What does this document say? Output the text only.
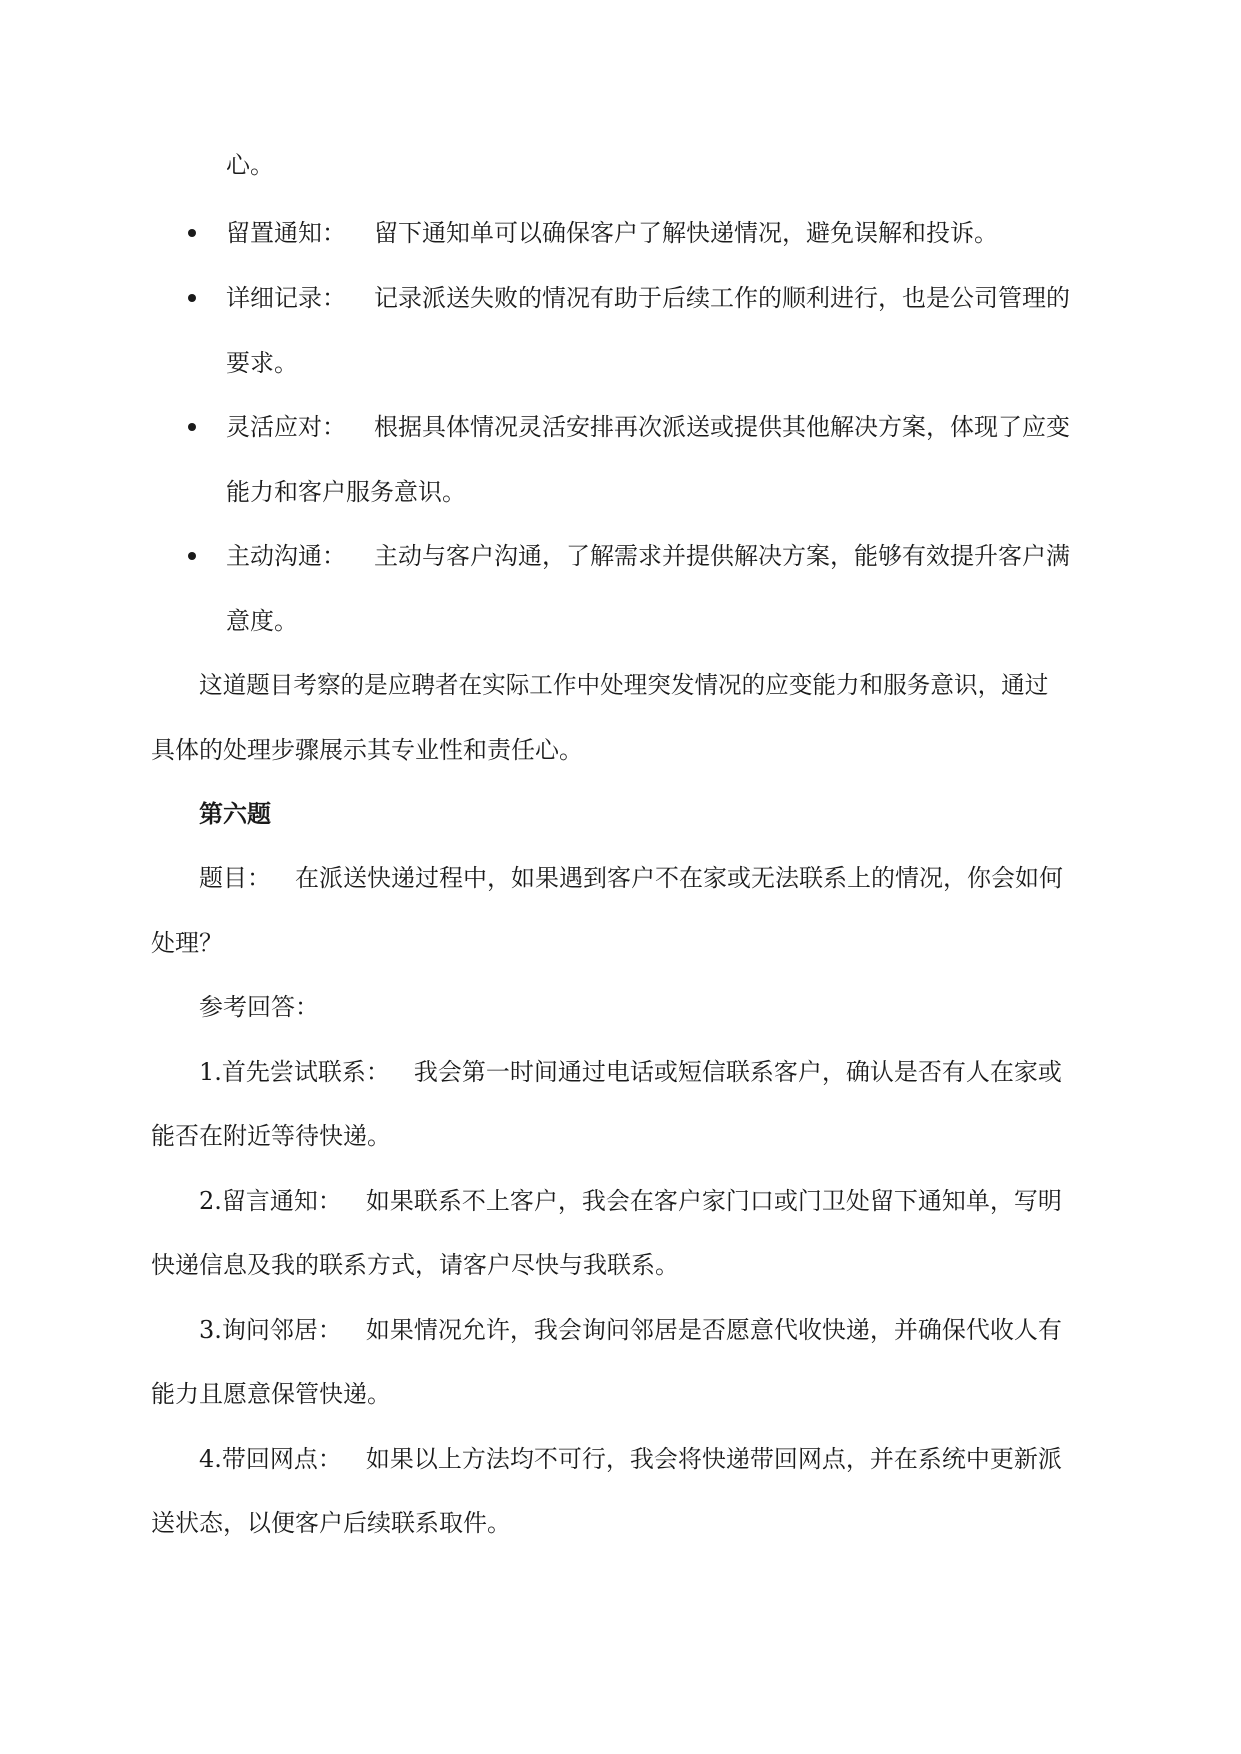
心。
留置通知： 留下通知单可以确保客户了解快递情况，避免误解和投诉。
详细记录： 记录派送失败的情况有助于后续工作的顺利进行，也是公司管理的
要求。
灵活应对： 根据具体情况灵活安排再次派送或提供其他解决方案，体现了应变
能力和客户服务意识。
主动沟通： 主动与客户沟通，了解需求并提供解决方案，能够有效提升客户满
意度。
这道题目考察的是应聘者在实际工作中处理突发情况的应变能力和服务意识，通过
具体的处理步骤展示其专业性和责任心。
第六题
题目： 在派送快递过程中，如果遇到客户不在家或无法联系上的情况，你会如何
处理？
参考回答：
1.首先尝试联系： 我会第一时间通过电话或短信联系客户，确认是否有人在家或
能否在附近等待快递。
2.留言通知： 如果联系不上客户，我会在客户家门口或门卫处留下通知单，写明
快递信息及我的联系方式，请客户尽快与我联系。
3.询问邻居： 如果情况允许，我会询问邻居是否愿意代收快递，并确保代收人有
能力且愿意保管快递。
4.带回网点： 如果以上方法均不可行，我会将快递带回网点，并在系统中更新派
送状态，以便客户后续联系取件。
